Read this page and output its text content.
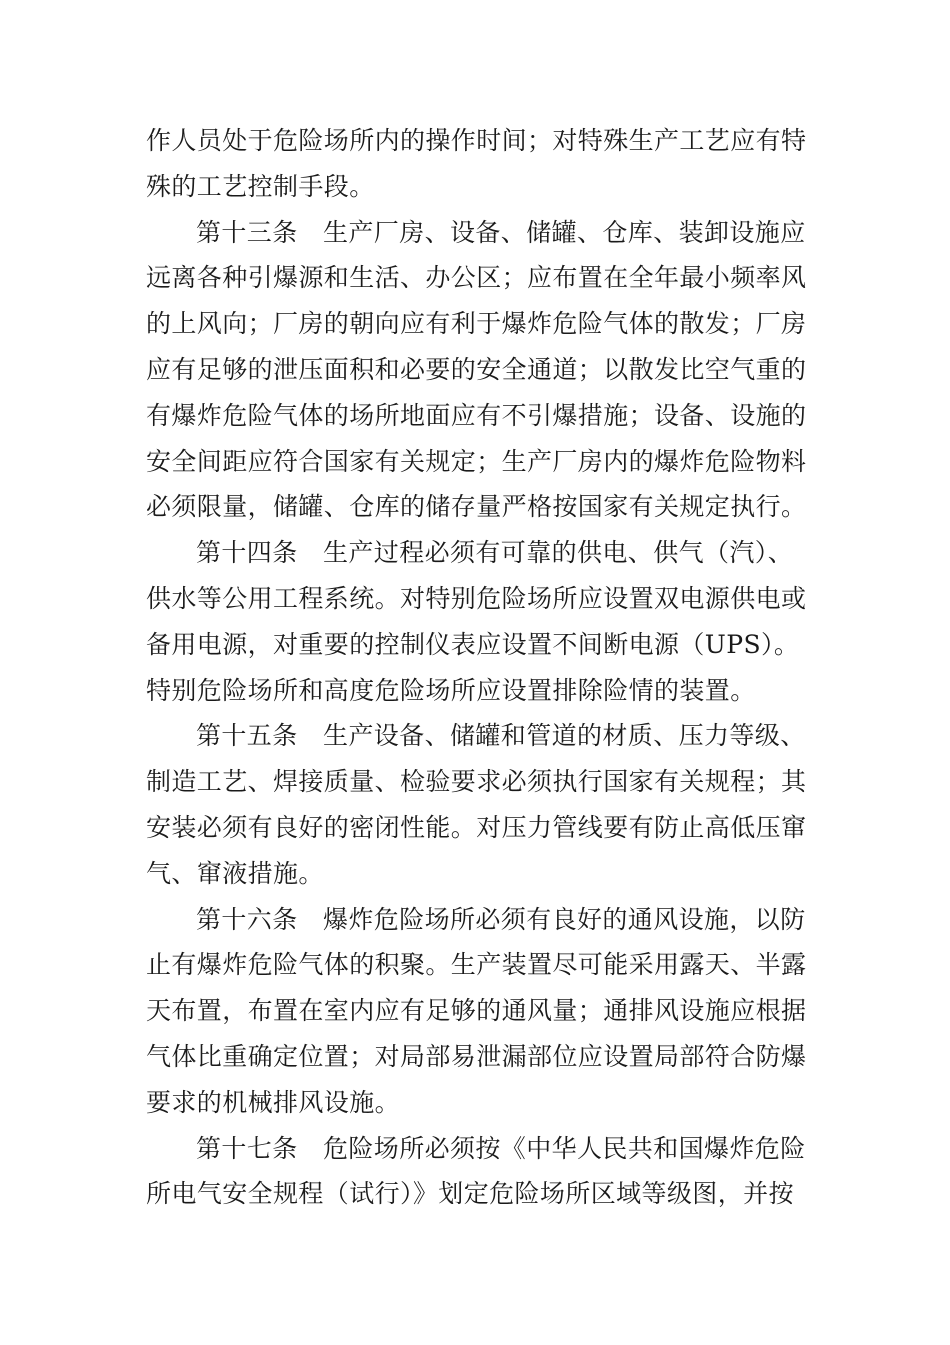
作人员处于危险场所内的操作时间；对特殊生产工艺应有特
殊的工艺控制手段。
第十三条　生产厂房、设备、储罐、仓库、装卸设施应
远离各种引爆源和生活、办公区；应布置在全年最小频率风
的上风向；厂房的朝向应有利于爆炸危险气体的散发；厂房
应有足够的泄压面积和必要的安全通道；以散发比空气重的
有爆炸危险气体的场所地面应有不引爆措施；设备、设施的
安全间距应符合国家有关规定；生产厂房内的爆炸危险物料
必须限量，储罐、仓库的储存量严格按国家有关规定执行。
第十四条　生产过程必须有可靠的供电、供气（汽）、
供水等公用工程系统。对特别危险场所应设置双电源供电或
备用电源，对重要的控制仪表应设置不间断电源（UPS）。
特别危险场所和高度危险场所应设置排除险情的装置。
第十五条　生产设备、储罐和管道的材质、压力等级、
制造工艺、焊接质量、检验要求必须执行国家有关规程；其
安装必须有良好的密闭性能。对压力管线要有防止高低压窜
气、窜液措施。
第十六条　爆炸危险场所必须有良好的通风设施，以防
止有爆炸危险气体的积聚。生产装置尽可能采用露天、半露
天布置，布置在室内应有足够的通风量；通排风设施应根据
气体比重确定位置；对局部易泄漏部位应设置局部符合防爆
要求的机械排风设施。
第十七条　危险场所必须按《中华人民共和国爆炸危险
所电气安全规程（试行）》划定危险场所区域等级图，并按
